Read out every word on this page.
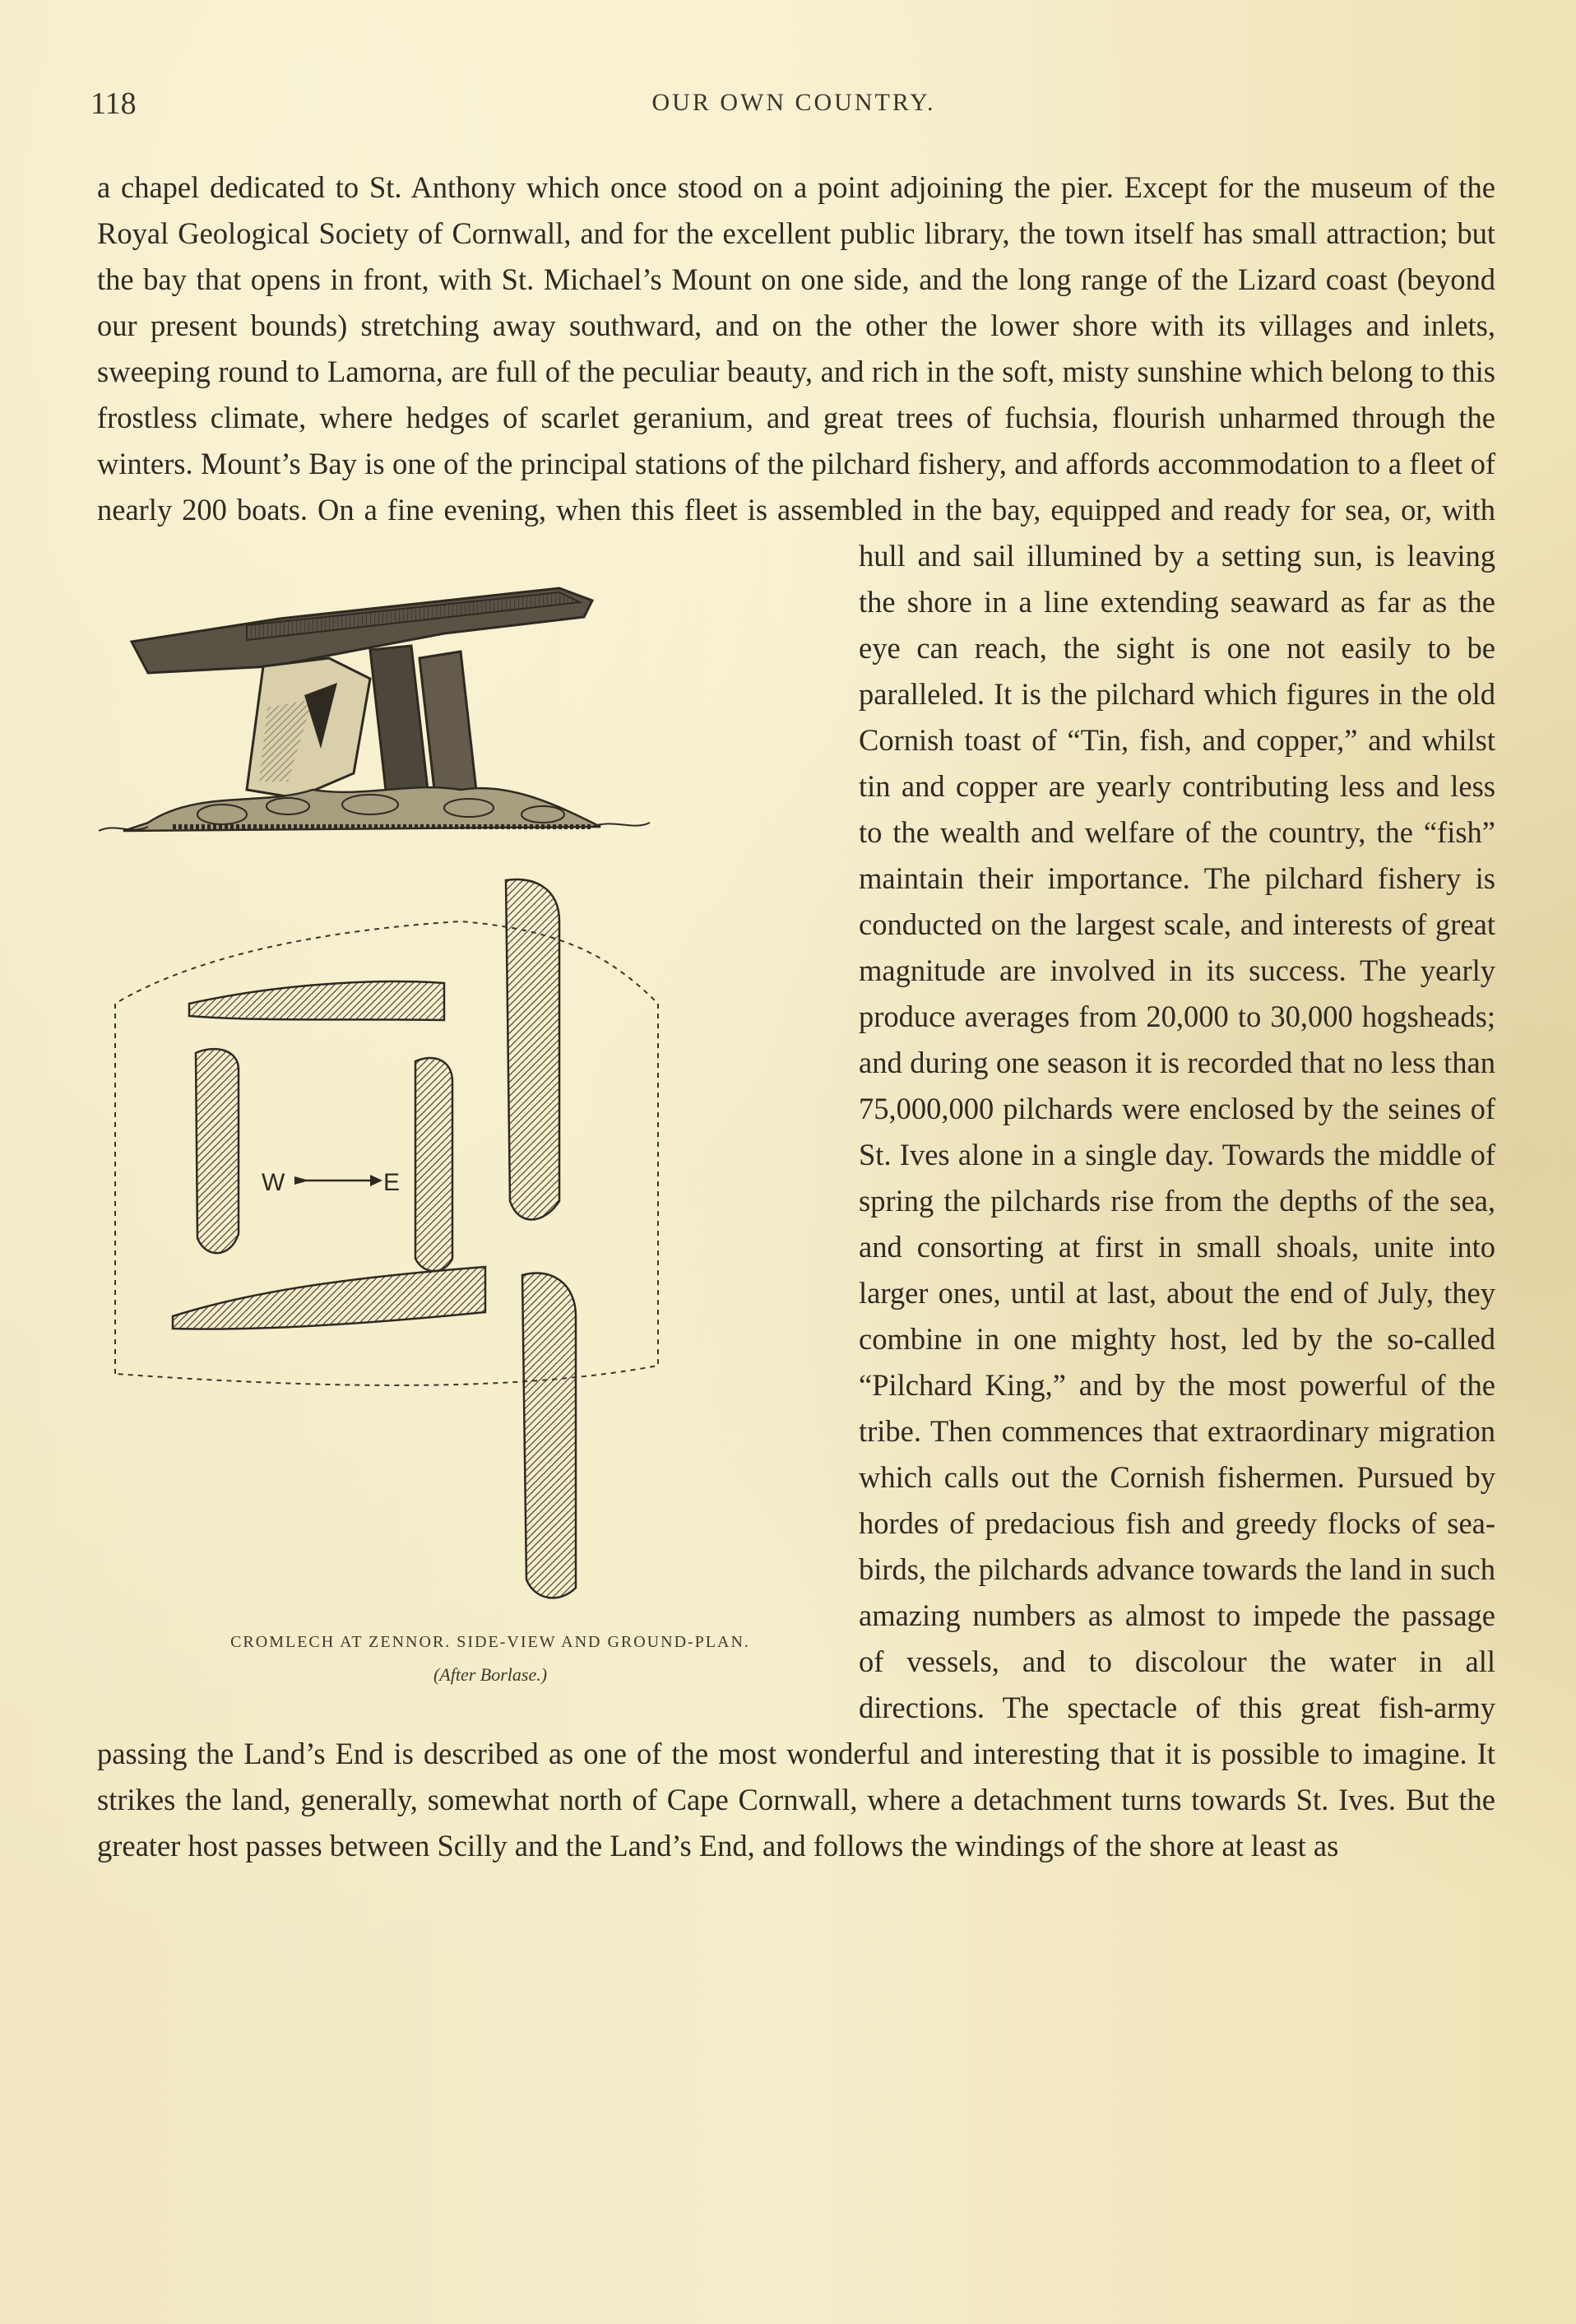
118	OUR OWN COUNTRY.
W	E
CROMLECH AT ZENNOR. SIDE-VIEW AND GROUND-PLAN.
(After Borlase.)

a chapel dedicated to St. Anthony which once stood on a point adjoining the pier. Except for the museum of the Royal Geological Society of Cornwall, and for the excellent public library, the town itself has small attraction; but the bay that opens in front, with St. Michael’s Mount on one side, and the long range of the Lizard coast (beyond our present bounds) stretching away southward, and on the other the lower shore with its villages and inlets, sweeping round to Lamorna, are full of the peculiar beauty, and rich in the soft, misty sunshine which belong to this frostless climate, where hedges of scarlet geranium, and great trees of fuchsia, flourish unharmed through the winters. Mount’s Bay is one of the principal stations of the pilchard fishery, and affords accommodation to a fleet of nearly 200 boats. On a fine evening, when this fleet is assembled in the bay, equipped and ready for sea, or, with hull and sail illumined by a setting sun, is leaving the shore in a line extending seaward as far as the eye can reach, the sight is one not easily to be paralleled. It is the pilchard which figures in the old Cornish toast of “Tin, fish, and copper,” and whilst tin and copper are yearly contributing less and less to the wealth and welfare of the country, the “fish” maintain their importance. The pilchard fishery is conducted on the largest scale, and interests of great magnitude are involved in its success. The yearly produce averages from 20,000 to 30,000 hogsheads; and during one season it is recorded that no less than 75,000,000 pilchards were enclosed by the seines of St. Ives alone in a single day. Towards the middle of spring the pilchards rise from the depths of the sea, and consorting at first in small shoals, unite into larger ones, until at last, about the end of July, they combine in one mighty host, led by the so-called “Pilchard King,” and by the most powerful of the tribe. Then commences that extraordinary migration which calls out the Cornish fishermen. Pursued by hordes of predacious fish and greedy flocks of sea-birds, the pilchards advance towards the land in such amazing numbers as almost to impede the passage of vessels, and to discolour the water in all directions. The spectacle of this great fish-army passing the Land’s End is described as one of the most wonderful and interesting that it is possible to imagine. It strikes the land, generally, somewhat north of Cape Cornwall, where a detachment turns towards St. Ives. But the greater host passes between Scilly and the Land’s End, and follows the windings of the shore at least as
